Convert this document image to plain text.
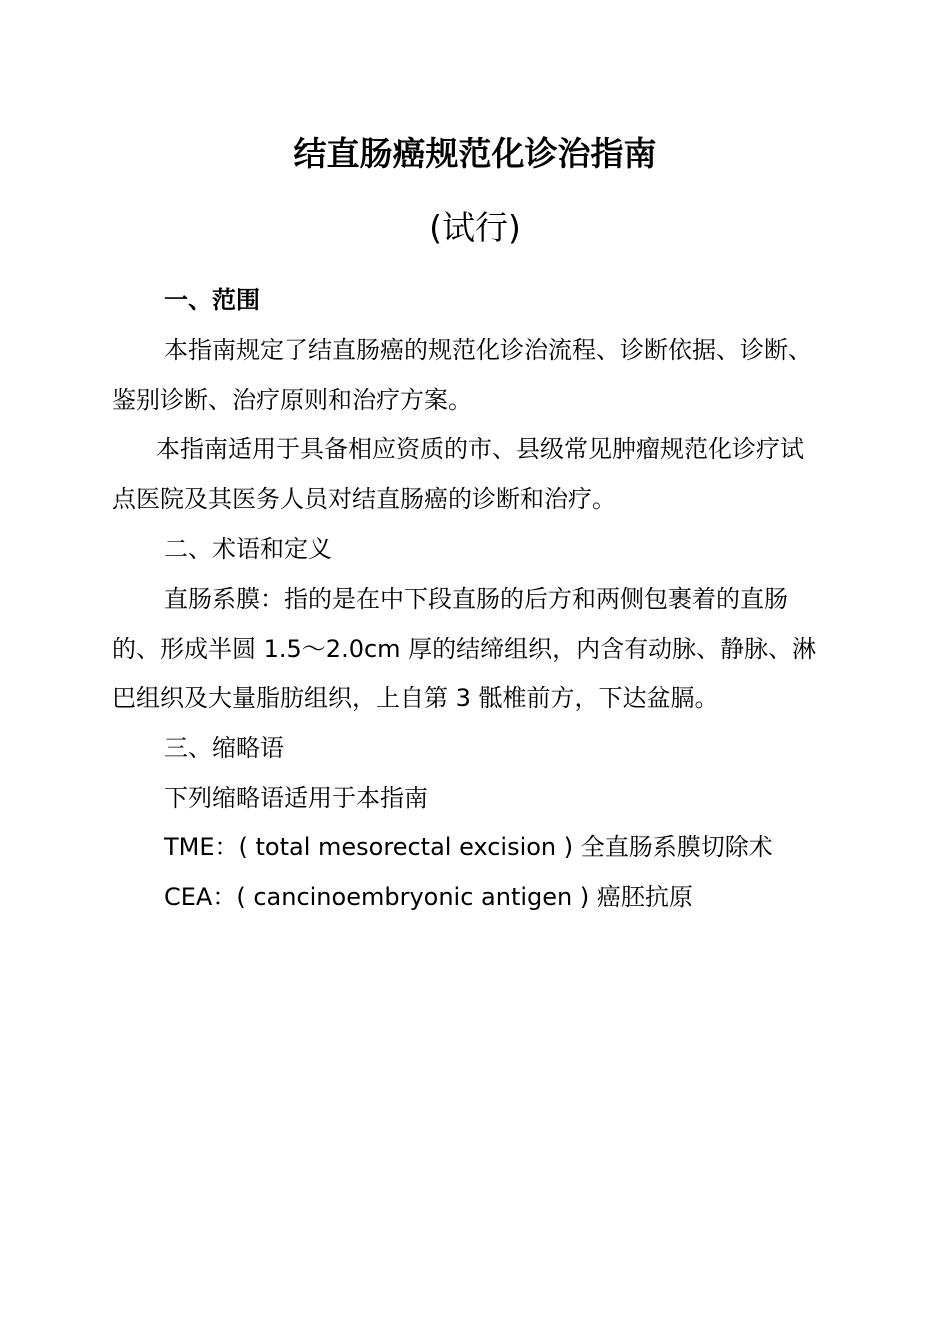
结直肠癌规范化诊治指南
(试行)
一、范围
本指南规定了结直肠癌的规范化诊治流程、诊断依据、诊断、
鉴别诊断、治疗原则和治疗方案。
本指南适用于具备相应资质的市、县级常见肿瘤规范化诊疗试
点医院及其医务人员对结直肠癌的诊断和治疗。
二、术语和定义
直肠系膜：指的是在中下段直肠的后方和两侧包裹着的直肠
的、形成半圆 1.5～2.0cm 厚的结缔组织，内含有动脉、静脉、淋
巴组织及大量脂肪组织，上自第 3 骶椎前方，下达盆膈。
三、缩略语
下列缩略语适用于本指南
TME：( total mesorectal excision ) 全直肠系膜切除术
CEA：( cancinoembryonic antigen ) 癌胚抗原
